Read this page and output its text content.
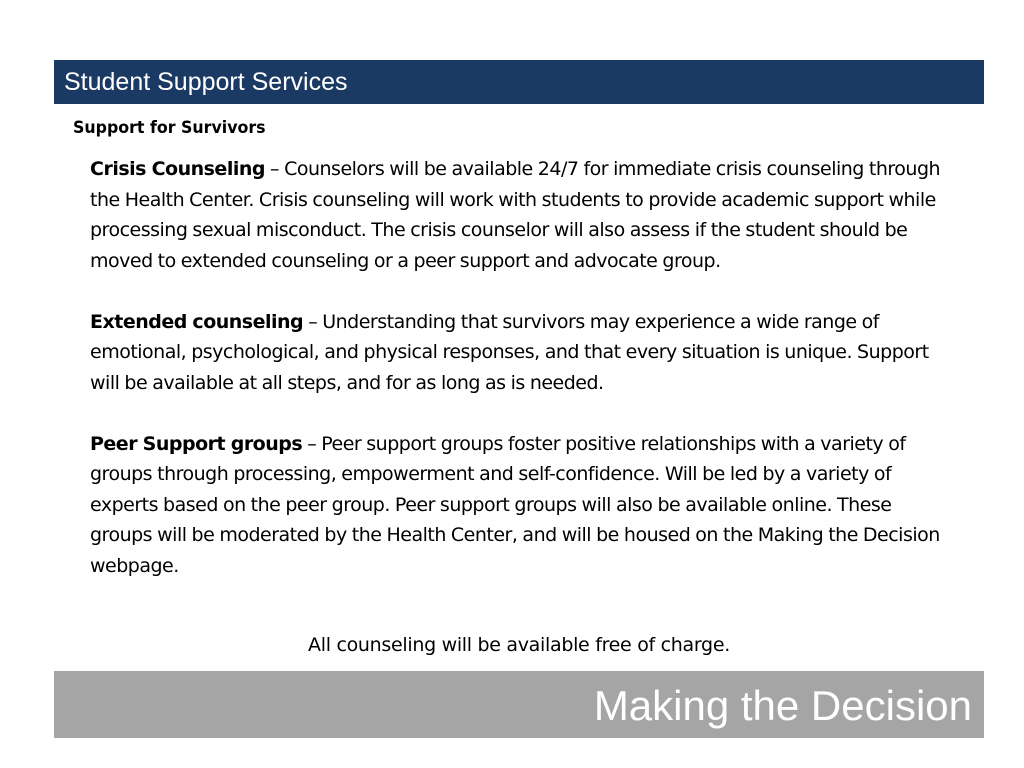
Student Support Services
Support for Survivors

Crisis Counseling – Counselors will be available 24/7 for immediate crisis counseling through the Health Center. Crisis counseling will work with students to provide academic support while processing sexual misconduct. The crisis counselor will also assess if the student should be moved to extended counseling or a peer support and advocate group.

Extended counseling – Understanding that survivors may experience a wide range of emotional, psychological, and physical responses, and that every situation is unique. Support will be available at all steps, and for as long as is needed.

Peer Support groups – Peer support groups foster positive relationships with a variety of groups through processing, empowerment and self-confidence. Will be led by a variety of experts based on the peer group. Peer support groups will also be available online. These groups will be moderated by the Health Center, and will be housed on the Making the Decision webpage.

All counseling will be available free of charge.
Making the Decision
